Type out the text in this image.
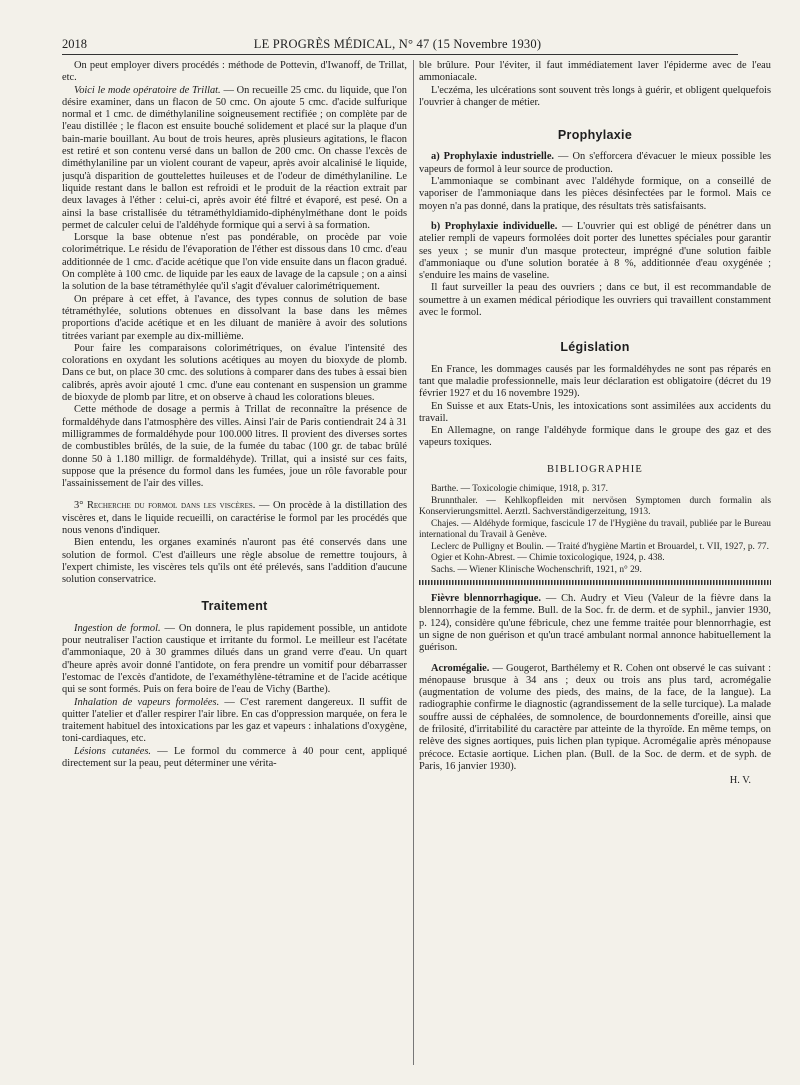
2018	LE PROGRÈS MÉDICAL, N° 47 (15 Novembre 1930)

On peut employer divers procédés : méthode de Pottevin, d'Iwanoff, de Trillat, etc.

Voici le mode opératoire de Trillat. — On recueille 25 cmc. du liquide, que l'on désire examiner, dans un flacon de 50 cmc. On ajoute 5 cmc. d'acide sulfurique normal et 1 cmc. de diméthylaniline soigneusement rectifiée ; on complète par de l'eau distillée ; le flacon est ensuite bouché solidement et placé sur la plaque d'un bain-marie bouillant. Au bout de trois heures, après plusieurs agitations, le flacon est retiré et son contenu versé dans un ballon de 200 cmc. On chasse l'excès de diméthylaniline par un violent courant de vapeur, après avoir alcalinisé le liquide, jusqu'à disparition de gouttelettes huileuses et de l'odeur de diméthylaniline. Le liquide restant dans le ballon est refroidi et le produit de la réaction extrait par deux lavages à l'éther : celui-ci, après avoir été filtré et évaporé, est pesé. On a ainsi la base cristallisée du tétraméthyldiamido-diphénylméthane dont le poids permet de calculer celui de l'aldéhyde formique qui a servi à sa formation.

Lorsque la base obtenue n'est pas pondérable, on procède par voie colorimétrique. Le résidu de l'évaporation de l'éther est dissous dans 10 cmc. d'eau additionnée de 1 cmc. d'acide acétique que l'on vide ensuite dans un flacon gradué. On complète à 100 cmc. de liquide par les eaux de lavage de la capsule ; on a ainsi la solution de la base tétraméthylée qu'il s'agit d'évaluer calorimétriquement.

On prépare à cet effet, à l'avance, des types connus de solution de base tétraméthylée, solutions obtenues en dissolvant la base dans les mêmes proportions d'acide acétique et en les diluant de manière à avoir des solutions titrées variant par exemple au dix-millième.

Pour faire les comparaisons colorimétriques, on évalue l'intensité des colorations en oxydant les solutions acétiques au moyen du bioxyde de plomb. Dans ce but, on place 30 cmc. des solutions à comparer dans des tubes à essai bien calibrés, après avoir ajouté 1 cmc. d'une eau contenant en suspension un gramme de bioxyde de plomb par litre, et on observe à chaud les colorations bleues.

Cette méthode de dosage a permis à Trillat de reconnaître la présence de formaldéhyde dans l'atmosphère des villes. Ainsi l'air de Paris contiendrait 24 à 31 milligrammes de formaldéhyde pour 100.000 litres. Il provient des diverses sortes de combustibles brûlés, de la suie, de la fumée du tabac (100 gr. de tabac brûlé donne 50 à 1.180 milligr. de formaldéhyde). Trillat, qui a insisté sur ces faits, suppose que la présence du formol dans les fumées, joue un rôle favorable pour l'assainissement de l'air des villes.

3° Recherche du formol dans les viscères. — On procède à la distillation des viscères et, dans le liquide recueilli, on caractérise le formol par les procédés que nous venons d'indiquer.

Bien entendu, les organes examinés n'auront pas été conservés dans une solution de formol. C'est d'ailleurs une règle absolue de remettre toujours, à l'expert chimiste, les viscères tels qu'ils ont été prélevés, sans l'addition d'aucune solution conservatrice.

Traitement

Ingestion de formol. — On donnera, le plus rapidement possible, un antidote pour neutraliser l'action caustique et irritante du formol. Le meilleur est l'acétate d'ammoniaque, 20 à 30 grammes dilués dans un grand verre d'eau. Un quart d'heure après avoir donné l'antidote, on fera prendre un vomitif pour débarrasser l'estomac de l'excès d'antidote, de l'examéthylène-tétramine et de l'acide acétique qui se sont formés. Puis on fera boire de l'eau de Vichy (Barthe).

Inhalation de vapeurs formolées. — C'est rarement dangereux. Il suffit de quitter l'atelier et d'aller respirer l'air libre. En cas d'oppression marquée, on fera le traitement habituel des intoxications par les gaz et vapeurs : inhalations d'oxygène, toni-cardiaques, etc.

Lésions cutanées. — Le formol du commerce à 40 pour cent, appliqué directement sur la peau, peut déterminer une vérita-

ble brûlure. Pour l'éviter, il faut immédiatement laver l'épiderme avec de l'eau ammoniacale.

L'eczéma, les ulcérations sont souvent très longs à guérir, et obligent quelquefois l'ouvrier à changer de métier.

Prophylaxie

a) Prophylaxie industrielle. — On s'efforcera d'évacuer le mieux possible les vapeurs de formol à leur source de production.

L'ammoniaque se combinant avec l'aldéhyde formique, on a conseillé de vaporiser de l'ammoniaque dans les pièces désinfectées par le formol. Mais ce moyen n'a pas donné, dans la pratique, des résultats très satisfaisants.

b) Prophylaxie individuelle. — L'ouvrier qui est obligé de pénétrer dans un atelier rempli de vapeurs formolées doit porter des lunettes spéciales pour garantir ses yeux ; se munir d'un masque protecteur, imprégné d'une solution faible d'ammoniaque ou d'une solution boratée à 8 %, additionnée d'eau oxygénée ; s'enduire les mains de vaseline.

Il faut surveiller la peau des ouvriers ; dans ce but, il est recommandable de soumettre à un examen médical périodique les ouvriers qui travaillent constamment avec le formol.

Législation

En France, les dommages causés par les formaldéhydes ne sont pas réparés en tant que maladie professionnelle, mais leur déclaration est obligatoire (décret du 19 février 1927 et du 16 novembre 1929).

En Suisse et aux Etats-Unis, les intoxications sont assimilées aux accidents du travail.

En Allemagne, on range l'aldéhyde formique dans le groupe des gaz et des vapeurs toxiques.

BIBLIOGRAPHIE

Barthe. — Toxicologie chimique, 1918, p. 317.

Brunnthaler. — Kehlkopfleiden mit nervösen Symptomen durch formalin als Konservierungsmittel. Aerztl. Sachverständigerzeitung, 1913.

Chajes. — Aldéhyde formique, fascicule 17 de l'Hygiène du travail, publiée par le Bureau international du Travail à Genève.

Leclerc de Pulligny et Boulin. — Traité d'hygiène Martin et Brouardel, t. VII, 1927, p. 77.

Ogier et Kohn-Abrest. — Chimie toxicologique, 1924, p. 438.

Sachs. — Wiener Klinische Wochenschrift, 1921, n° 29.

Fièvre blennorrhagique. — Ch. Audry et Vieu (Valeur de la fièvre dans la blennorrhagie de la femme. Bull. de la Soc. fr. de derm. et de syphil., janvier 1930, p. 124), considère qu'une fébricule, chez une femme traitée pour blennorrhagie, est un signe de non guérison et qu'un tracé ambulant normal annonce habituellement la guérison.

Acromégalie. — Gougerot, Barthélemy et R. Cohen ont observé le cas suivant : ménopause brusque à 34 ans ; deux ou trois ans plus tard, acromégalie (augmentation de volume des pieds, des mains, de la face, de la langue). La radiographie confirme le diagnostic (agrandissement de la selle turcique). La malade souffre aussi de céphalées, de somnolence, de bourdonnements d'oreille, ainsi que de frilosité, d'irritabilité du caractère par atteinte de la thyroïde. En même temps, on relève des signes aortiques, puis lichen plan typique. Acromégalie après ménopause précoce. Ectasie aortique. Lichen plan. (Bull. de la Soc. de derm. et de syph. de Paris, 16 janvier 1930).

H. V.
